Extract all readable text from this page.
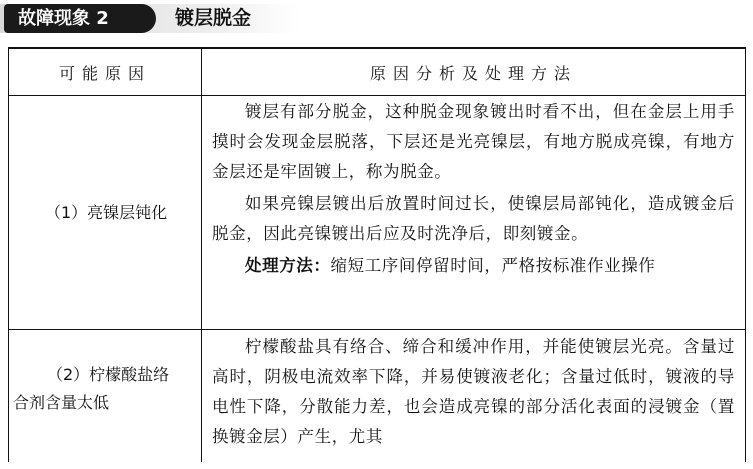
故障现象 2	镀层脱金
可能原因	原因分析及处理方法
（1）亮镍层钝化

镀层有部分脱金，这种脱金现象镀出时看不出，但在金层上用手摸时会发现金层脱落，下层还是光亮镍层，有地方脱成亮镍，有地方金层还是牢固镀上，称为脱金。

如果亮镍层镀出后放置时间过长，使镍层局部钝化，造成镀金后脱金，因此亮镍镀出后应及时洗净后，即刻镀金。

处理方法：缩短工序间停留时间，严格按标准作业操作

（2）柠檬酸盐络
合剂含量太低

柠檬酸盐具有络合、缔合和缓冲作用，并能使镀层光亮。含量过高时，阴极电流效率下降，并易使镀液老化；含量过低时，镀液的导电性下降，分散能力差，也会造成亮镍的部分活化表面的浸镀金（置换镀金层）产生，尤其
